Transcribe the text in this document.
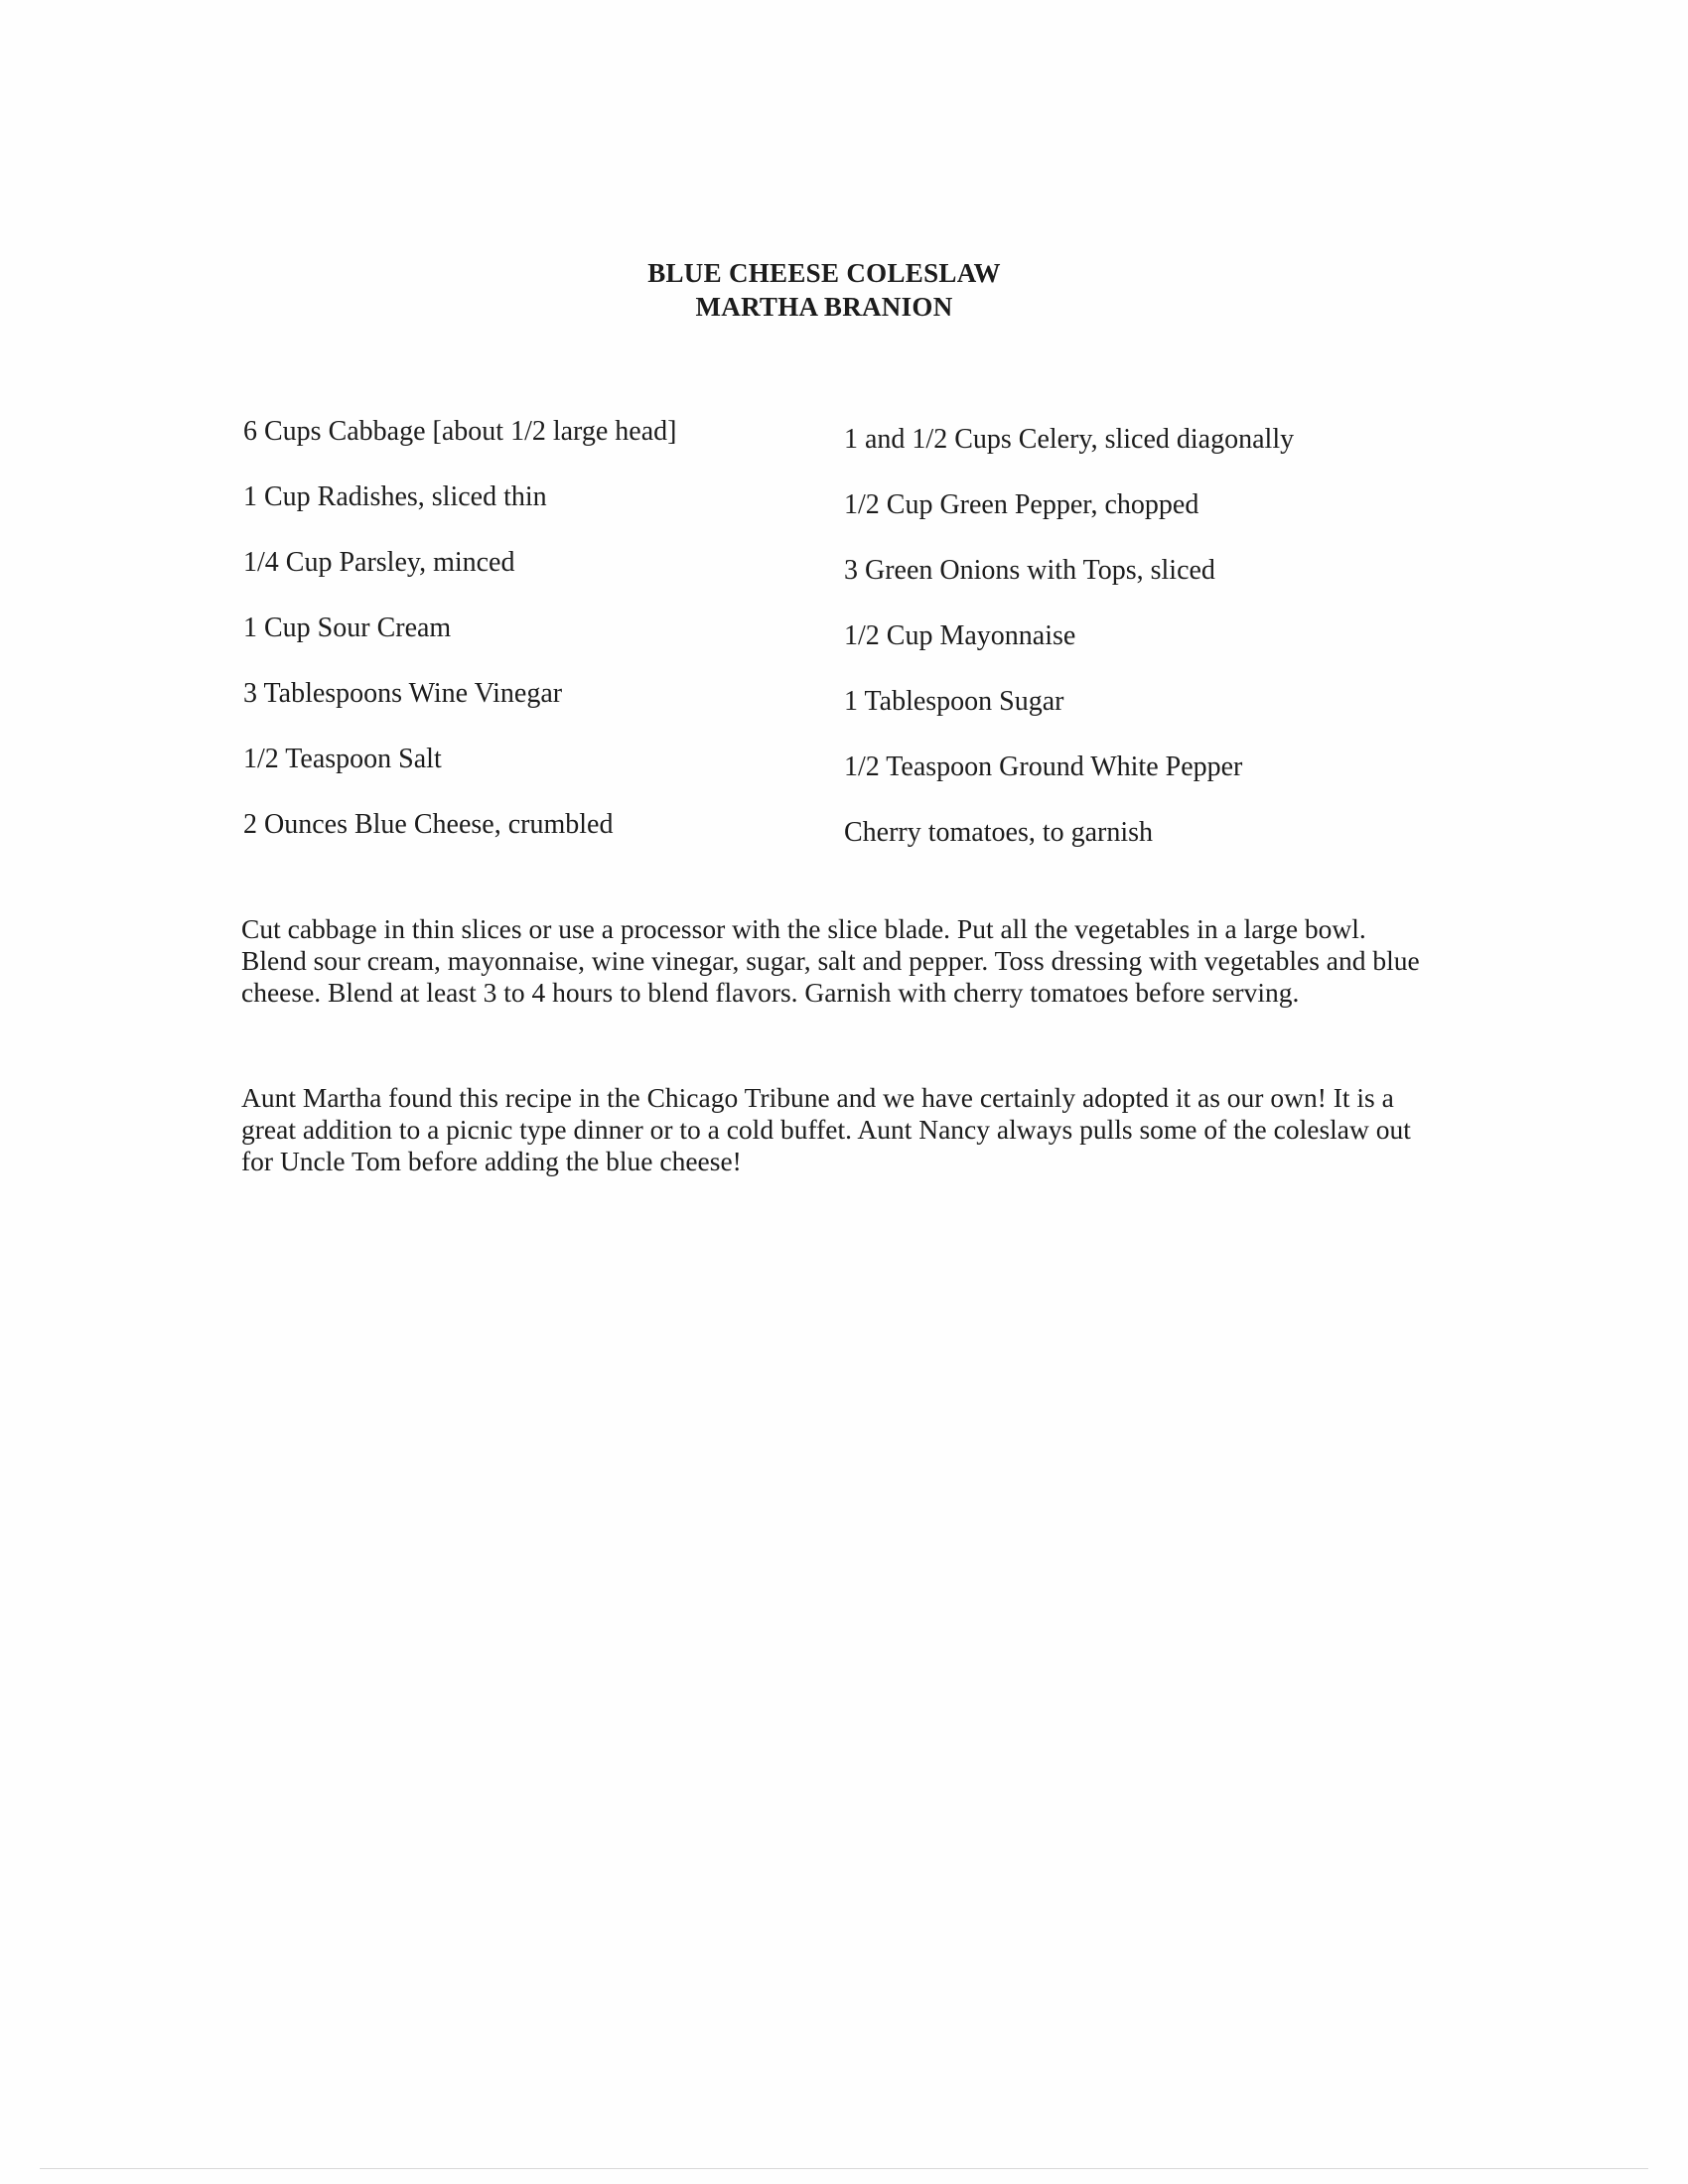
BLUE CHEESE COLESLAW
MARTHA BRANION
6 Cups Cabbage [about 1/2 large head]
1 Cup Radishes, sliced thin
1/4 Cup Parsley, minced
1 Cup Sour Cream
3 Tablespoons Wine Vinegar
1/2 Teaspoon Salt
2 Ounces Blue Cheese, crumbled
1 and 1/2 Cups Celery, sliced diagonally
1/2 Cup Green Pepper, chopped
3 Green Onions with Tops, sliced
1/2 Cup Mayonnaise
1 Tablespoon Sugar
1/2 Teaspoon Ground White Pepper
Cherry tomatoes, to garnish
Cut cabbage in thin slices or use a processor with the slice blade. Put all the vegetables in a large bowl. Blend sour cream, mayonnaise, wine vinegar, sugar, salt and pepper. Toss dressing with vegetables and blue cheese. Blend at least 3 to 4 hours to blend flavors. Garnish with cherry tomatoes before serving.
Aunt Martha found this recipe in the Chicago Tribune and we have certainly adopted it as our own! It is a great addition to a picnic type dinner or to a cold buffet. Aunt Nancy always pulls some of the coleslaw out for Uncle Tom before adding the blue cheese!
